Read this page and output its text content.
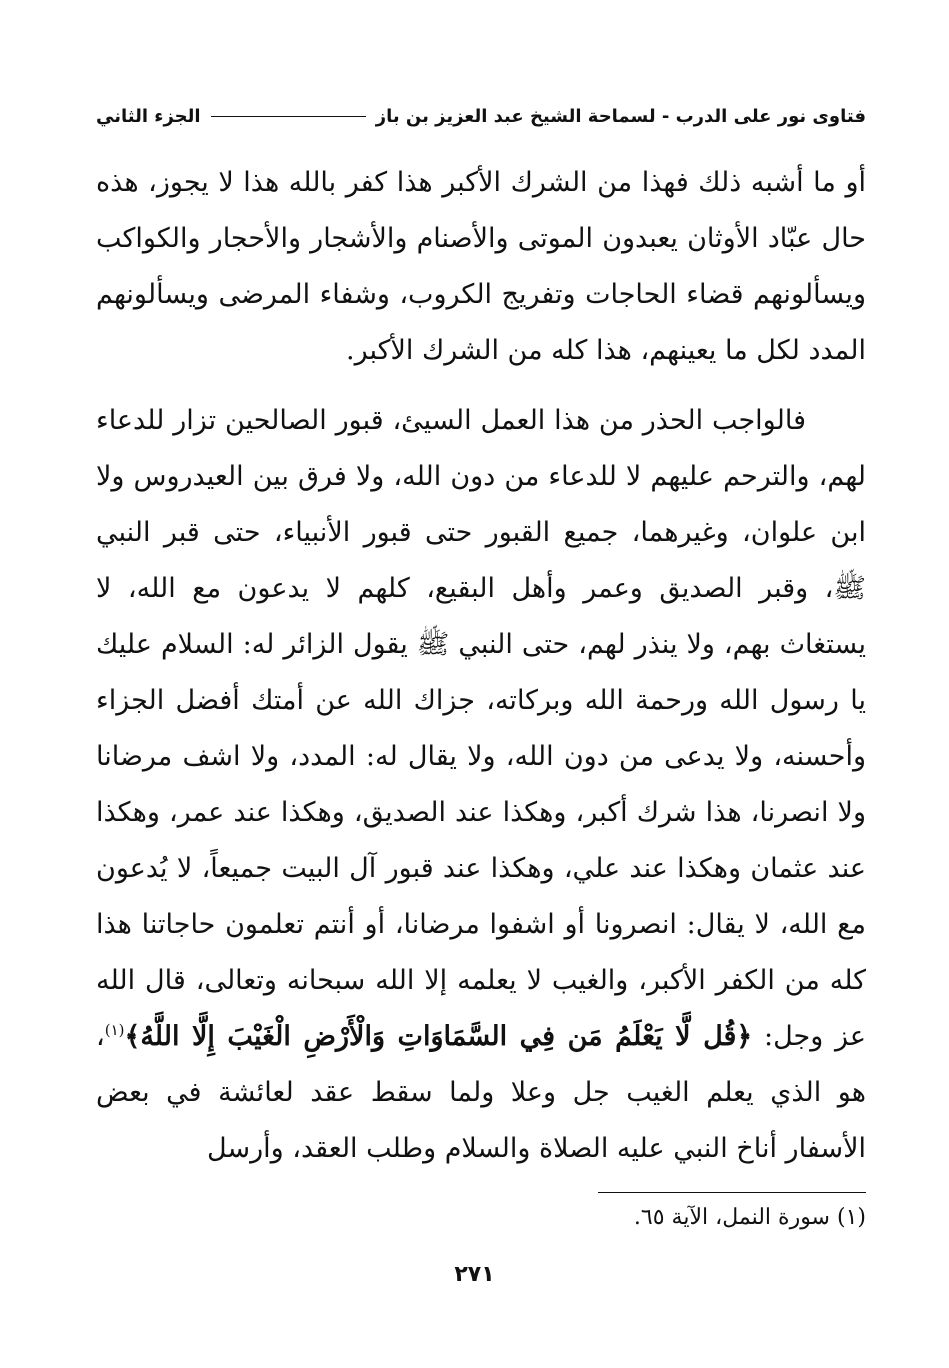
فتاوى نور على الدرب - لسماحة الشيخ عبد العزيز بن باز
الجزء الثاني

أو ما أشبه ذلك فهذا من الشرك الأكبر هذا كفر بالله هذا لا يجوز، هذه حال عبّاد الأوثان يعبدون الموتى والأصنام والأشجار والأحجار والكواكب ويسألونهم قضاء الحاجات وتفريج الكروب، وشفاء المرضى ويسألونهم المدد لكل ما يعينهم، هذا كله من الشرك الأكبر.

فالواجب الحذر من هذا العمل السيئ، قبور الصالحين تزار للدعاء لهم، والترحم عليهم لا للدعاء من دون الله، ولا فرق بين العيدروس ولا ابن علوان، وغيرهما، جميع القبور حتى قبور الأنبياء، حتى قبر النبي ﷺ، وقبر الصديق وعمر وأهل البقيع، كلهم لا يدعون مع الله، لا يستغاث بهم، ولا ينذر لهم، حتى النبي ﷺ يقول الزائر له: السلام عليك يا رسول الله ورحمة الله وبركاته، جزاك الله عن أمتك أفضل الجزاء وأحسنه، ولا يدعى من دون الله، ولا يقال له: المدد، ولا اشف مرضانا ولا انصرنا، هذا شرك أكبر، وهكذا عند الصديق، وهكذا عند عمر، وهكذا عند عثمان وهكذا عند علي، وهكذا عند قبور آل البيت جميعاً، لا يُدعون مع الله، لا يقال: انصرونا أو اشفوا مرضانا، أو أنتم تعلمون حاجاتنا هذا كله من الكفر الأكبر، والغيب لا يعلمه إلا الله سبحانه وتعالى، قال الله عز وجل: ﴿قُل لَّا يَعْلَمُ مَن فِي السَّمَاوَاتِ وَالْأَرْضِ الْغَيْبَ إِلَّا اللَّهُ﴾$^{(١)}$، هو الذي يعلم الغيب جل وعلا ولما سقط عقد لعائشة في بعض الأسفار أناخ النبي عليه الصلاة والسلام وطلب العقد، وأرسل

(١) سورة النمل، الآية ٦٥.
٢٧١
